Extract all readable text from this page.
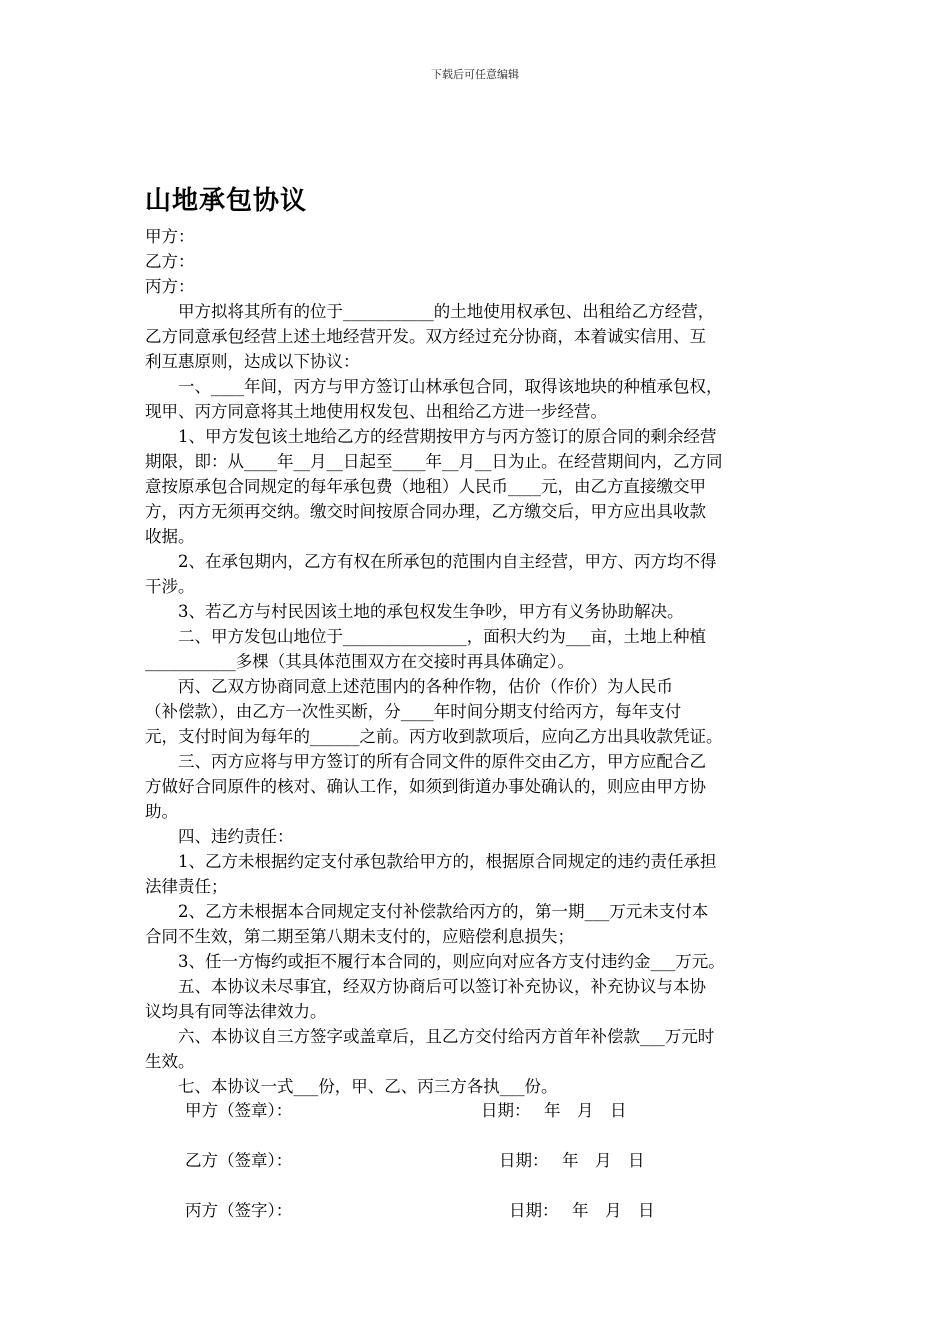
下载后可任意编辑
山地承包协议
甲方：
乙方：
丙方：
　　甲方拟将其所有的位于___________的土地使用权承包、出租给乙方经营，
乙方同意承包经营上述土地经营开发。双方经过充分协商，本着诚实信用、互
利互惠原则，达成以下协议：
　　一、____年间，丙方与甲方签订山林承包合同，取得该地块的种植承包权，
现甲、丙方同意将其土地使用权发包、出租给乙方进一步经营。
　　1、甲方发包该土地给乙方的经营期按甲方与丙方签订的原合同的剩余经营
期限，即：从____年__月__日起至____年__月__日为止。在经营期间内，乙方同
意按原承包合同规定的每年承包费（地租）人民币____元，由乙方直接缴交甲
方，丙方无须再交纳。缴交时间按原合同办理，乙方缴交后，甲方应出具收款
收据。
　　2、在承包期内，乙方有权在所承包的范围内自主经营，甲方、丙方均不得
干涉。
　　3、若乙方与村民因该土地的承包权发生争吵，甲方有义务协助解决。
　　二、甲方发包山地位于_______________，面积大约为___亩，土地上种植
___________多棵（其具体范围双方在交接时再具体确定）。
　　丙、乙双方协商同意上述范围内的各种作物，估价（作价）为人民币
（补偿款），由乙方一次性买断，分____年时间分期支付给丙方，每年支付
元，支付时间为每年的______之前。丙方收到款项后，应向乙方出具收款凭证。
　　三、丙方应将与甲方签订的所有合同文件的原件交由乙方，甲方应配合乙
方做好合同原件的核对、确认工作，如须到街道办事处确认的，则应由甲方协
助。
　　四、违约责任：
　　1、乙方未根据约定支付承包款给甲方的，根据原合同规定的违约责任承担
法律责任；
　　2、乙方未根据本合同规定支付补偿款给丙方的，第一期___万元未支付本
合同不生效，第二期至第八期未支付的，应赔偿利息损失；
　　3、任一方悔约或拒不履行本合同的，则应向对应各方支付违约金___万元。
　　五、本协议未尽事宜，经双方协商后可以签订补充协议，补充协议与本协
议均具有同等法律效力。
　　六、本协议自三方签字或盖章后，且乙方交付给丙方首年补偿款___万元时
生效。
　　七、本协议一式___份，甲、乙、丙三方各执___份。
甲方（签章）：	日期：　 年　月　日
乙方（签章）：	日期：　 年　月　日
丙方（签字）：	日期：　 年　月　日
